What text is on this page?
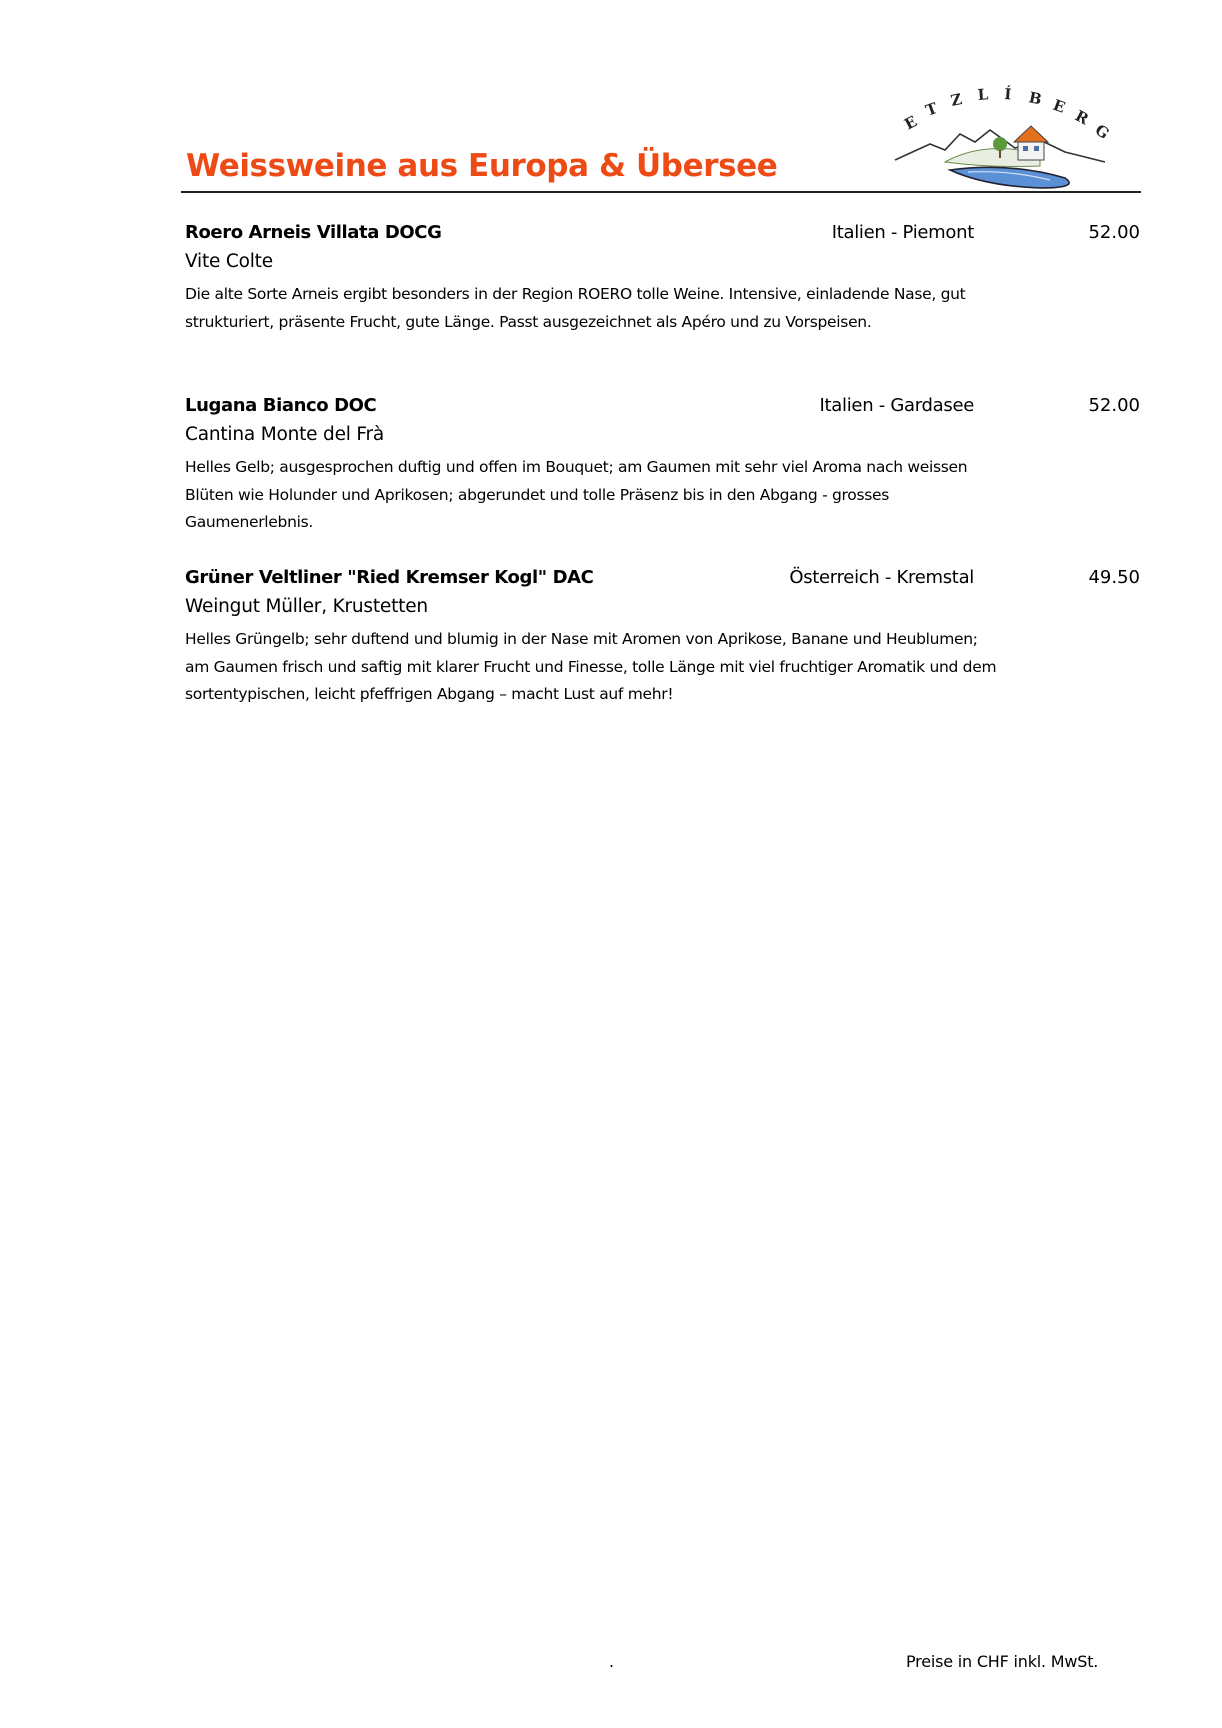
E
T Z L Í B E
R
G
Weissweine aus Europa & Übersee
Roero Arneis Villata DOCG	Italien - Piemont	52.00
Vite Colte
Die alte Sorte Arneis ergibt besonders in der Region ROERO tolle Weine. Intensive, einladende Nase, gut strukturiert, präsente Frucht, gute Länge. Passt ausgezeichnet als Apéro und zu Vorspeisen.
Lugana Bianco DOC	Italien - Gardasee	52.00
Cantina Monte del Frà
Helles Gelb; ausgesprochen duftig und offen im Bouquet; am Gaumen mit sehr viel Aroma nach weissen Blüten wie Holunder und Aprikosen; abgerundet und tolle Präsenz bis in den Abgang - grosses Gaumenerlebnis.
Grüner Veltliner "Ried Kremser Kogl" DAC	Österreich - Kremstal	49.50
Weingut Müller, Krustetten
Helles Grüngelb; sehr duftend und blumig in der Nase mit Aromen von Aprikose, Banane und Heublumen; am Gaumen frisch und saftig mit klarer Frucht und Finesse, tolle Länge mit viel fruchtiger Aromatik und dem sortentypischen, leicht pfeffrigen Abgang – macht Lust auf mehr!
.	Preise in CHF inkl. MwSt.
